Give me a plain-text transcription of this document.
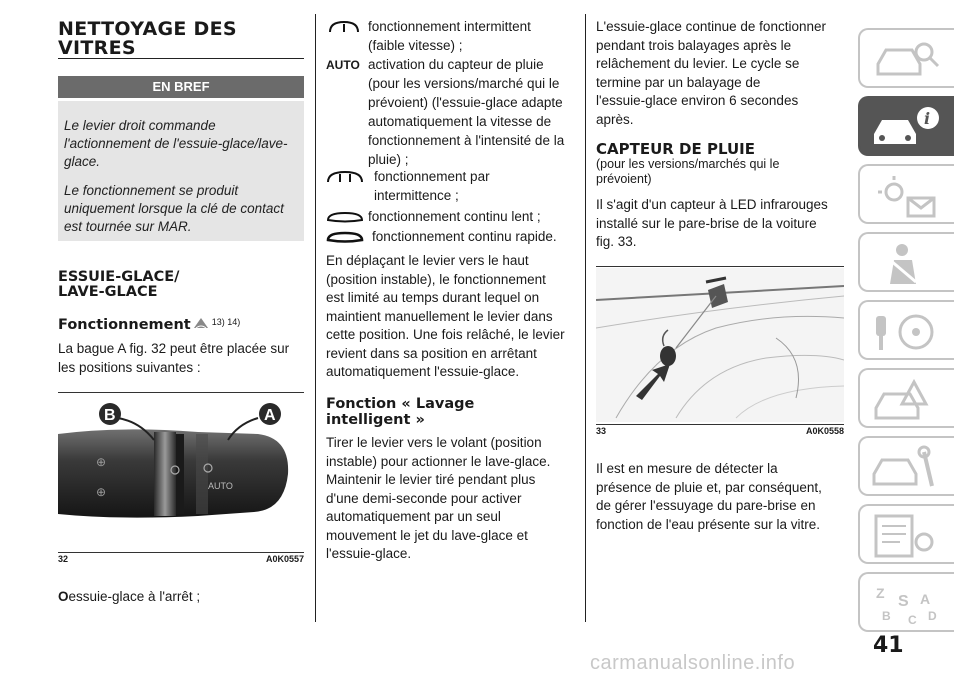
NETTOYAGE DES
VITRES
EN BREF

Le levier droit commande l'actionnement de l'essuie-glace/lave-glace.

Le fonctionnement se produit uniquement lorsque la clé de contact est tournée sur MAR.

ESSUIE-GLACE/
LAVE-GLACE
Fonctionnement $^{13) 14)}$

La bague A fig. 32 peut être placée sur
les positions suivantes :

⊕
⊕	AUTO
B	A
32	A0K0557

Oessuie-glace à l'arrêt ;

fonctionnement intermittent
(faible vitesse) ;
AUTO activation du capteur de pluie
(pour les versions/marché qui le
prévoient) (l'essuie-glace adapte
automatiquement la vitesse de
fonctionnement à l'intensité de la
pluie) ;
fonctionnement par
intermittence ;
fonctionnement continu lent ;
fonctionnement continu rapide.

En déplaçant le levier vers le haut
(position instable), le fonctionnement
est limité au temps durant lequel on
maintient manuellement le levier dans
cette position. Une fois relâché, le levier
revient dans sa position en arrêtant
automatiquement l'essuie-glace.

Fonction « Lavage
intelligent »

Tirer le levier vers le volant (position
instable) pour actionner le lave-glace.
Maintenir le levier tiré pendant plus
d'une demi-seconde pour activer
automatiquement par un seul
mouvement le jet du lave-glace et
l'essuie-glace.

L'essuie-glace continue de fonctionner
pendant trois balayages après le
relâchement du levier. Le cycle se
termine par un balayage de
l'essuie-glace environ 6 secondes
après.

CAPTEUR DE PLUIE

(pour les versions/marchés qui le
prévoient)

Il s'agit d'un capteur à LED infrarouges
installé sur le pare-brise de la voiture
fig. 33.

33	A0K0558

Il est en mesure de détecter la
présence de pluie et, par conséquent,
de gérer l'essuyage du pare-brise en
fonction de l'eau présente sur la vitre.

i
Z S A
B C D
41
carmanualsonline.info
